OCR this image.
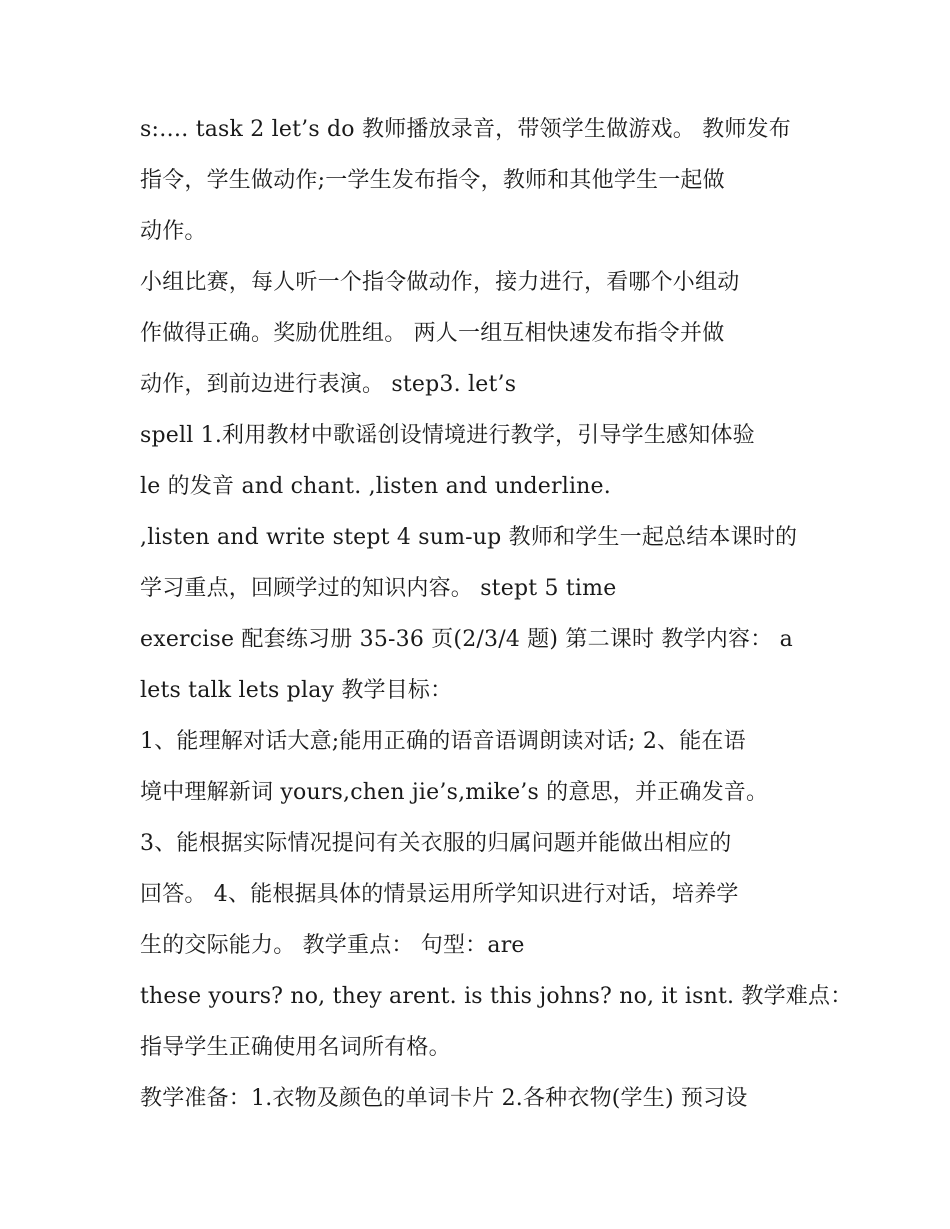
s:…. task 2 let’s do 教师播放录音，带领学生做游戏。 教师发布
指令，学生做动作;一学生发布指令，教师和其他学生一起做
动作。
小组比赛，每人听一个指令做动作，接力进行，看哪个小组动
作做得正确。奖励优胜组。 两人一组互相快速发布指令并做
动作，到前边进行表演。 step3. let’s
spell 1.利用教材中歌谣创设情境进行教学，引导学生感知体验
le 的发音 and chant. ,listen and underline.
,listen and write stept 4 sum-up 教师和学生一起总结本课时的
学习重点，回顾学过的知识内容。 stept 5 time
exercise 配套练习册 35-36 页(2/3/4 题) 第二课时 教学内容： a
lets talk lets play 教学目标：
1、能理解对话大意;能用正确的语音语调朗读对话; 2、能在语
境中理解新词 yours,chen jie’s,mike’s 的意思，并正确发音。
3、能根据实际情况提问有关衣服的归属问题并能做出相应的
回答。 4、能根据具体的情景运用所学知识进行对话，培养学
生的交际能力。 教学重点： 句型：are
these yours? no, they arent. is this johns? no, it isnt. 教学难点：
指导学生正确使用名词所有格。
教学准备：1.衣物及颜色的单词卡片 2.各种衣物(学生) 预习设
